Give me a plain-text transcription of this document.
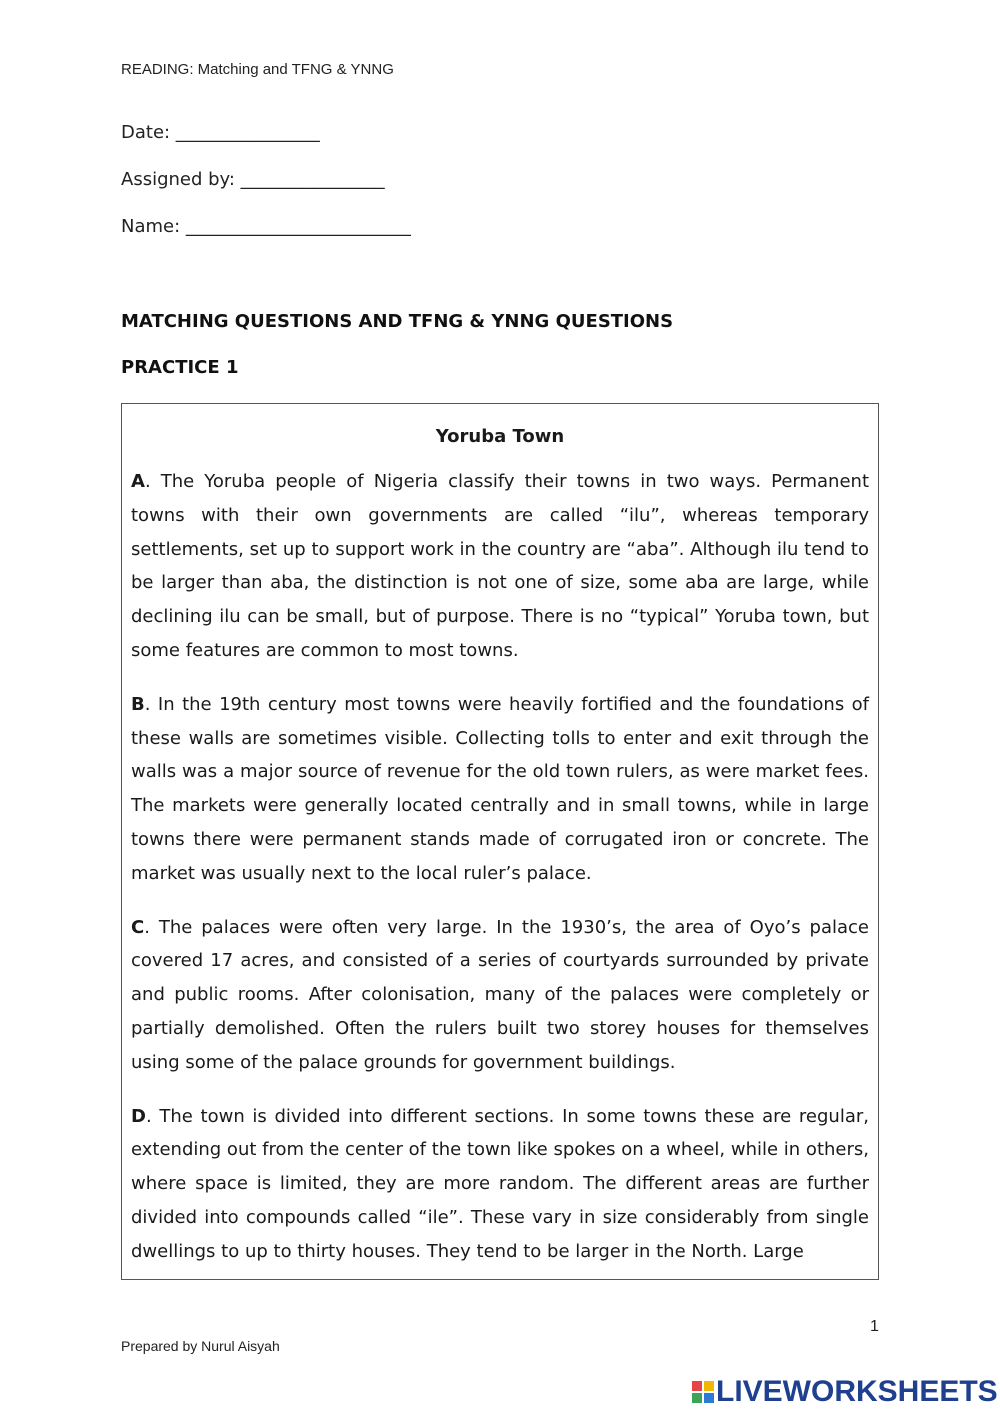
READING: Matching and TFNG & YNNG
Date: ________________
Assigned by: ________________
Name: _________________________
MATCHING QUESTIONS AND TFNG & YNNG QUESTIONS
PRACTICE 1
Yoruba Town

A. The Yoruba people of Nigeria classify their towns in two ways. Permanent towns with their own governments are called “ilu”, whereas temporary settlements, set up to support work in the country are “aba”. Although ilu tend to be larger than aba, the distinction is not one of size, some aba are large, while declining ilu can be small, but of purpose. There is no “typical” Yoruba town, but some features are common to most towns.

B. In the 19th century most towns were heavily fortified and the foundations of these walls are sometimes visible. Collecting tolls to enter and exit through the walls was a major source of revenue for the old town rulers, as were market fees. The markets were generally located centrally and in small towns, while in large towns there were permanent stands made of corrugated iron or concrete. The market was usually next to the local ruler’s palace.

C. The palaces were often very large. In the 1930’s, the area of Oyo’s palace covered 17 acres, and consisted of a series of courtyards surrounded by private and public rooms. After colonisation, many of the palaces were completely or partially demolished. Often the rulers built two storey houses for themselves using some of the palace grounds for government buildings.

D. The town is divided into different sections. In some towns these are regular, extending out from the center of the town like spokes on a wheel, while in others, where space is limited, they are more random. The different areas are further divided into compounds called “ile”. These vary in size considerably from single dwellings to up to thirty houses. They tend to be larger in the North. Large

1
Prepared by Nurul Aisyah
LIVEWORKSHEETS
